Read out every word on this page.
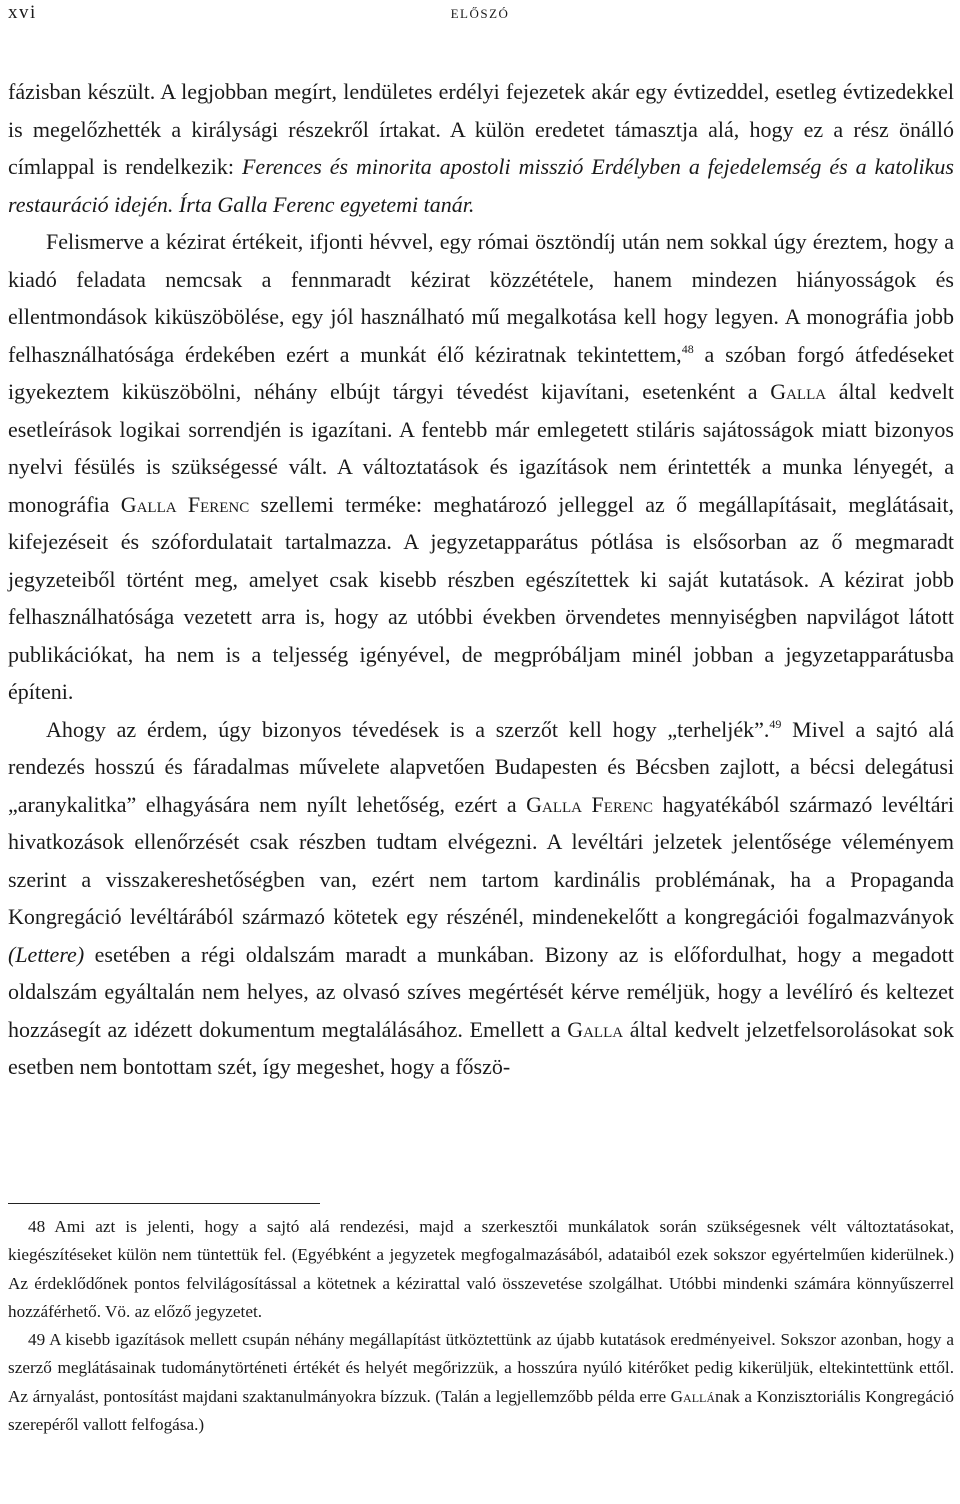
xvi	előszó

fázisban készült. A legjobban megírt, lendületes erdélyi fejezetek akár egy évtizeddel, esetleg évtizedekkel is megelőzhették a királysági részekről írtakat. A külön eredetet támasztja alá, hogy ez a rész önálló címlappal is rendelkezik: Ferences és minorita apostoli misszió Erdélyben a fejedelemség és a katolikus restauráció idején. Írta Galla Ferenc egyetemi tanár.

Felismerve a kézirat értékeit, ifjonti hévvel, egy római ösztöndíj után nem sokkal úgy éreztem, hogy a kiadó feladata nemcsak a fennmaradt kézirat közzététele, hanem mindezen hiányosságok és ellentmondások kiküszöbölése, egy jól használható mű megalkotása kell hogy legyen. A monográfia jobb felhasználhatósága érdekében ezért a munkát élő kéziratnak tekintettem,$^{48}$ a szóban forgó átfedéseket igyekeztem kiküszöbölni, néhány elbújt tárgyi tévedést kijavítani, esetenként a Galla által kedvelt esetleírások logikai sorrendjén is igazítani. A fentebb már emlegetett stiláris sajátosságok miatt bizonyos nyelvi fésülés is szükségessé vált. A változtatások és igazítások nem érintették a munka lényegét, a monográfia Galla Ferenc szellemi terméke: meghatározó jelleggel az ő megállapításait, meglátásait, kifejezéseit és szófordulatait tartalmazza. A jegyzetapparátus pótlása is elsősorban az ő megmaradt jegyzeteiből történt meg, amelyet csak kisebb részben egészítettek ki saját kutatások. A kézirat jobb felhasználhatósága vezetett arra is, hogy az utóbbi években örvendetes mennyiségben napvilágot látott publikációkat, ha nem is a teljesség igényével, de megpróbáljam minél jobban a jegyzetapparátusba építeni.

Ahogy az érdem, úgy bizonyos tévedések is a szerzőt kell hogy „terheljék”.$^{49}$ Mivel a sajtó alá rendezés hosszú és fáradalmas művelete alapvetően Budapesten és Bécsben zajlott, a bécsi delegátusi „aranykalitka” elhagyására nem nyílt lehetőség, ezért a Galla Ferenc hagyatékából származó levéltári hivatkozások ellenőrzését csak részben tudtam elvégezni. A levéltári jelzetek jelentősége véleményem szerint a visszakereshetőségben van, ezért nem tartom kardinális problémának, ha a Propaganda Kongregáció levéltárából származó kötetek egy részénél, mindenekelőtt a kongregációi fogalmazványok (Lettere) esetében a régi oldalszám maradt a munkában. Bizony az is előfordulhat, hogy a megadott oldalszám egyáltalán nem helyes, az olvasó szíves megértését kérve reméljük, hogy a levélíró és keltezet hozzásegít az idézett dokumentum megtalálásához. Emellett a Galla által kedvelt jelzetfelsorolásokat sok esetben nem bontottam szét, így megeshet, hogy a főszö-

48 Ami azt is jelenti, hogy a sajtó alá rendezési, majd a szerkesztői munkálatok során szükségesnek vélt változtatásokat, kiegészítéseket külön nem tüntettük fel. (Egyébként a jegyzetek megfogalmazásából, adataiból ezek sokszor egyértelműen kiderülnek.) Az érdeklődőnek pontos felvilágosítással a kötetnek a kézirattal való összevetése szolgálhat. Utóbbi mindenki számára könnyűszerrel hozzáférhető. Vö. az előző jegyzetet.

49 A kisebb igazítások mellett csupán néhány megállapítást ütköztettünk az újabb kutatások eredményeivel. Sokszor azonban, hogy a szerző meglátásainak tudománytörténeti értékét és helyét megőrizzük, a hosszúra nyúló kitérőket pedig kikerüljük, eltekintettünk ettől. Az árnyalást, pontosítást majdani szaktanulmányokra bízzuk. (Talán a legjellemzőbb példa erre Gallának a Konzisztoriális Kongregáció szerepéről vallott felfogása.)
